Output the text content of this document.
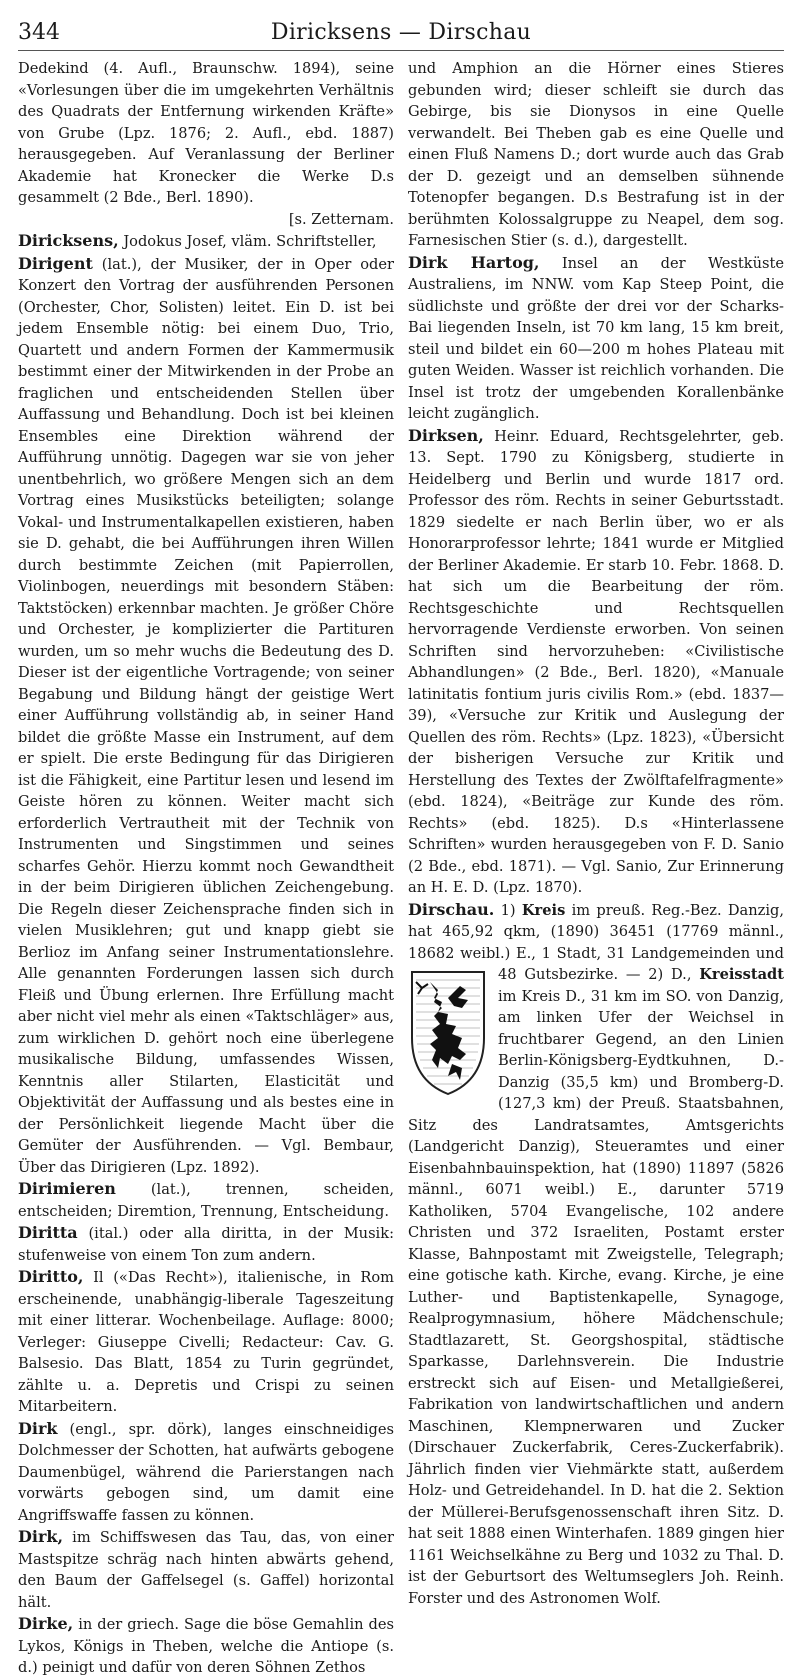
344	Diricksens — Dirschau

Dedekind (4. Aufl., Braunschw. 1894), seine «Vorlesungen über die im umgekehrten Verhältnis des Quadrats der Entfernung wirkenden Kräfte» von Grube (Lpz. 1876; 2. Aufl., ebd. 1887) herausgegeben. Auf Veranlassung der Berliner Akademie hat Kronecker die Werke D.s gesammelt (2 Bde., Berl. 1890).
[s. Zetternam.

Diricksens, Jodokus Josef, vläm. Schriftsteller,

Dirigent (lat.), der Musiker, der in Oper oder Konzert den Vortrag der ausführenden Personen (Orchester, Chor, Solisten) leitet. Ein D. ist bei jedem Ensemble nötig: bei einem Duo, Trio, Quartett und andern Formen der Kammermusik bestimmt einer der Mitwirkenden in der Probe an fraglichen und entscheidenden Stellen über Auffassung und Behandlung. Doch ist bei kleinen Ensembles eine Direktion während der Aufführung unnötig. Dagegen war sie von jeher unentbehrlich, wo größere Mengen sich an dem Vortrag eines Musikstücks beteiligten; solange Vokal- und Instrumentalkapellen existieren, haben sie D. gehabt, die bei Aufführungen ihren Willen durch bestimmte Zeichen (mit Papierrollen, Violinbogen, neuerdings mit besondern Stäben: Taktstöcken) erkennbar machten. Je größer Chöre und Orchester, je komplizierter die Partituren wurden, um so mehr wuchs die Bedeutung des D. Dieser ist der eigentliche Vortragende; von seiner Begabung und Bildung hängt der geistige Wert einer Aufführung vollständig ab, in seiner Hand bildet die größte Masse ein Instrument, auf dem er spielt. Die erste Bedingung für das Dirigieren ist die Fähigkeit, eine Partitur lesen und lesend im Geiste hören zu können. Weiter macht sich erforderlich Vertrautheit mit der Technik von Instrumenten und Singstimmen und seines scharfes Gehör. Hierzu kommt noch Gewandtheit in der beim Dirigieren üblichen Zeichengebung. Die Regeln dieser Zeichensprache finden sich in vielen Musiklehren; gut und knapp giebt sie Berlioz im Anfang seiner Instrumentationslehre. Alle genannten Forderungen lassen sich durch Fleiß und Übung erlernen. Ihre Erfüllung macht aber nicht viel mehr als einen «Taktschläger» aus, zum wirklichen D. gehört noch eine überlegene musikalische Bildung, umfassendes Wissen, Kenntnis aller Stilarten, Elasticität und Objektivität der Auffassung und als bestes eine in der Persönlichkeit liegende Macht über die Gemüter der Ausführenden. — Vgl. Bembaur, Über das Dirigieren (Lpz. 1892).

Dirimieren (lat.), trennen, scheiden, entscheiden; Diremtion, Trennung, Entscheidung.

Diritta (ital.) oder alla diritta, in der Musik: stufenweise von einem Ton zum andern.

Diritto, Il («Das Recht»), italienische, in Rom erscheinende, unabhängig-liberale Tageszeitung mit einer litterar. Wochenbeilage. Auflage: 8000; Verleger: Giuseppe Civelli; Redacteur: Cav. G. Balsesio. Das Blatt, 1854 zu Turin gegründet, zählte u. a. Depretis und Crispi zu seinen Mitarbeitern.

Dirk (engl., spr. dörk), langes einschneidiges Dolchmesser der Schotten, hat aufwärts gebogene Daumenbügel, während die Parierstangen nach vorwärts gebogen sind, um damit eine Angriffswaffe fassen zu können.

Dirk, im Schiffswesen das Tau, das, von einer Mastspitze schräg nach hinten abwärts gehend, den Baum der Gaffelsegel (s. Gaffel) horizontal hält.

Dirke, in der griech. Sage die böse Gemahlin des Lykos, Königs in Theben, welche die Antiope (s. d.) peinigt und dafür von deren Söhnen Zethos

und Amphion an die Hörner eines Stieres gebunden wird; dieser schleift sie durch das Gebirge, bis sie Dionysos in eine Quelle verwandelt. Bei Theben gab es eine Quelle und einen Fluß Namens D.; dort wurde auch das Grab der D. gezeigt und an demselben sühnende Totenopfer begangen. D.s Bestrafung ist in der berühmten Kolossalgruppe zu Neapel, dem sog. Farnesischen Stier (s. d.), dargestellt.

Dirk Hartog, Insel an der Westküste Australiens, im NNW. vom Kap Steep Point, die südlichste und größte der drei vor der Scharks-Bai liegenden Inseln, ist 70 km lang, 15 km breit, steil und bildet ein 60—200 m hohes Plateau mit guten Weiden. Wasser ist reichlich vorhanden. Die Insel ist trotz der umgebenden Korallenbänke leicht zugänglich.

Dirksen, Heinr. Eduard, Rechtsgelehrter, geb. 13. Sept. 1790 zu Königsberg, studierte in Heidelberg und Berlin und wurde 1817 ord. Professor des röm. Rechts in seiner Geburtsstadt. 1829 siedelte er nach Berlin über, wo er als Honorarprofessor lehrte; 1841 wurde er Mitglied der Berliner Akademie. Er starb 10. Febr. 1868. D. hat sich um die Bearbeitung der röm. Rechtsgeschichte und Rechtsquellen hervorragende Verdienste erworben. Von seinen Schriften sind hervorzuheben: «Civilistische Abhandlungen» (2 Bde., Berl. 1820), «Manuale latinitatis fontium juris civilis Rom.» (ebd. 1837—39), «Versuche zur Kritik und Auslegung der Quellen des röm. Rechts» (Lpz. 1823), «Übersicht der bisherigen Versuche zur Kritik und Herstellung des Textes der Zwölftafelfragmente» (ebd. 1824), «Beiträge zur Kunde des röm. Rechts» (ebd. 1825). D.s «Hinterlassene Schriften» wurden herausgegeben von F. D. Sanio (2 Bde., ebd. 1871). — Vgl. Sanio, Zur Erinnerung an H. E. D. (Lpz. 1870).

Dirschau. 1) Kreis im preuß. Reg.-Bez. Danzig, hat 465,92 qkm, (1890) 36451 (17769 männl., 18682 weibl.) E., 1 Stadt, 31 Landgemeinden und 48 Gutsbezirke. — 2) D., Kreisstadt
im Kreis D., 31 km im SO. von Danzig, am linken Ufer der Weichsel in fruchtbarer Gegend, an den Linien Berlin-Königsberg-Eydtkuhnen, D.-Danzig (35,5 km) und Bromberg-D. (127,3 km) der Preuß. Staatsbahnen, Sitz des Landratsamtes, Amtsgerichts (Landgericht Danzig), Steueramtes und einer Eisenbahnbauinspektion, hat (1890) 11897 (5826 männl., 6071 weibl.) E., darunter 5719 Katholiken, 5704 Evangelische, 102 andere Christen und 372 Israeliten, Postamt erster Klasse, Bahnpostamt mit Zweigstelle, Telegraph; eine gotische kath. Kirche, evang. Kirche, je eine Luther- und Baptistenkapelle, Synagoge, Realprogymnasium, höhere Mädchenschule; Stadtlazarett, St. Georgshospital, städtische Sparkasse, Darlehnsverein. Die Industrie erstreckt sich auf Eisen- und Metallgießerei, Fabrikation von landwirtschaftlichen und andern Maschinen, Klempnerwaren und Zucker (Dirschauer Zuckerfabrik, Ceres-Zuckerfabrik). Jährlich finden vier Viehmärkte statt, außerdem Holz- und Getreidehandel. In D. hat die 2. Sektion der Müllerei-Berufsgenossenschaft ihren Sitz. D. hat seit 1888 einen Winterhafen. 1889 gingen hier 1161 Weichselkähne zu Berg und 1032 zu Thal. D. ist der Geburtsort des Weltumseglers Joh. Reinh. Forster und des Astronomen Wolf.
